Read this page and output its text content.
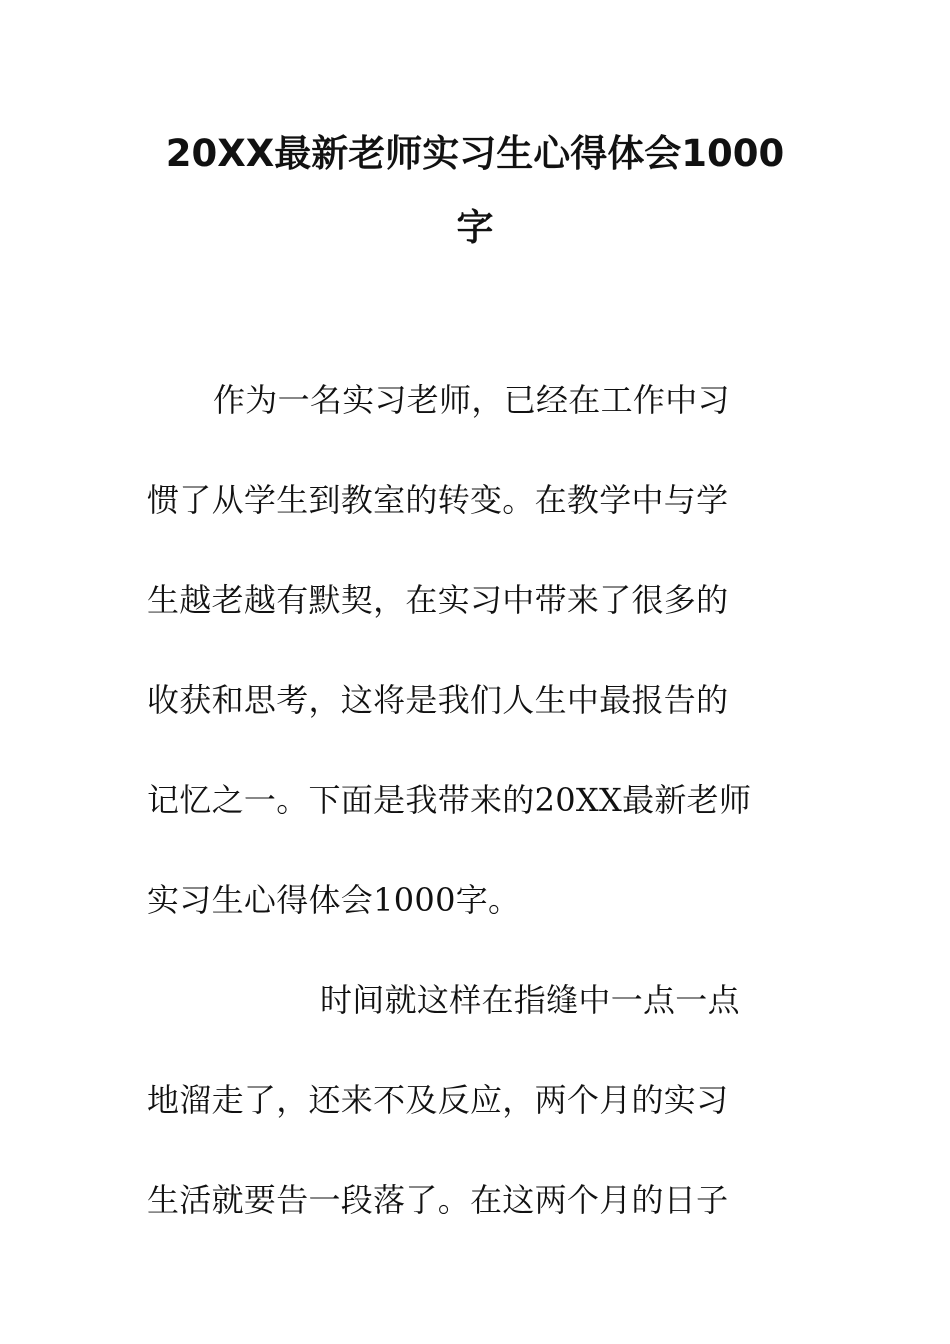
20XX最新老师实习生心得体会1000
字
作为一名实习老师，已经在工作中习
惯了从学生到教室的转变。在教学中与学
生越老越有默契，在实习中带来了很多的
收获和思考，这将是我们人生中最报告的
记忆之一。下面是我带来的20XX最新老师
实习生心得体会1000字。
时间就这样在指缝中一点一点
地溜走了，还来不及反应，两个月的实习
生活就要告一段落了。在这两个月的日子
